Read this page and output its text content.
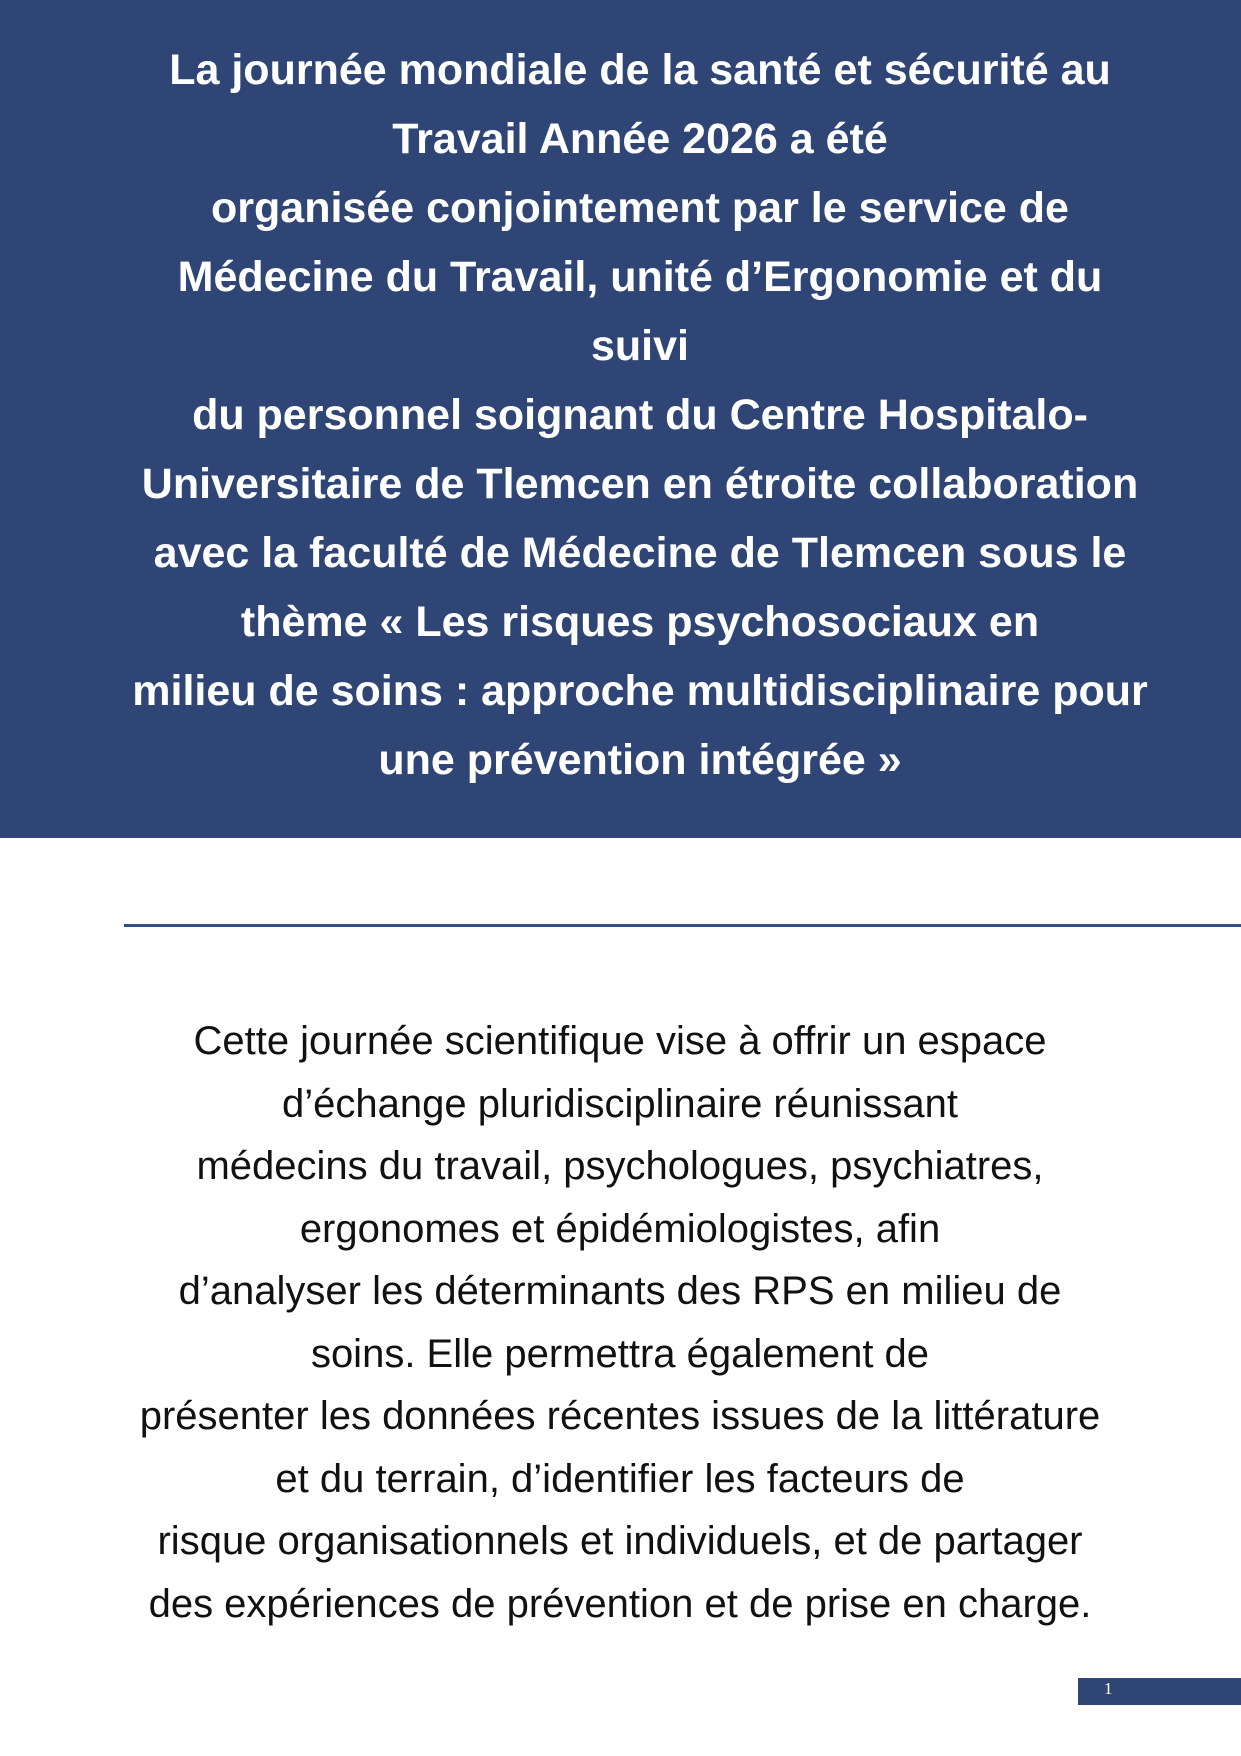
La journée mondiale de la santé et sécurité au
Travail Année 2026 a été
organisée conjointement par le service de
Médecine du Travail, unité d’Ergonomie et du
suivi
du personnel soignant du Centre Hospitalo-
Universitaire de Tlemcen en étroite collaboration
avec la faculté de Médecine de Tlemcen sous le
thème « Les risques psychosociaux en
milieu de soins : approche multidisciplinaire pour
une prévention intégrée »

Cette journée scientifique vise à offrir un espace
d’échange pluridisciplinaire réunissant
médecins du travail, psychologues, psychiatres,
ergonomes et épidémiologistes, afin
d’analyser les déterminants des RPS en milieu de
soins. Elle permettra également de
présenter les données récentes issues de la littérature
et du terrain, d’identifier les facteurs de
risque organisationnels et individuels, et de partager
des expériences de prévention et de prise en charge.

1
